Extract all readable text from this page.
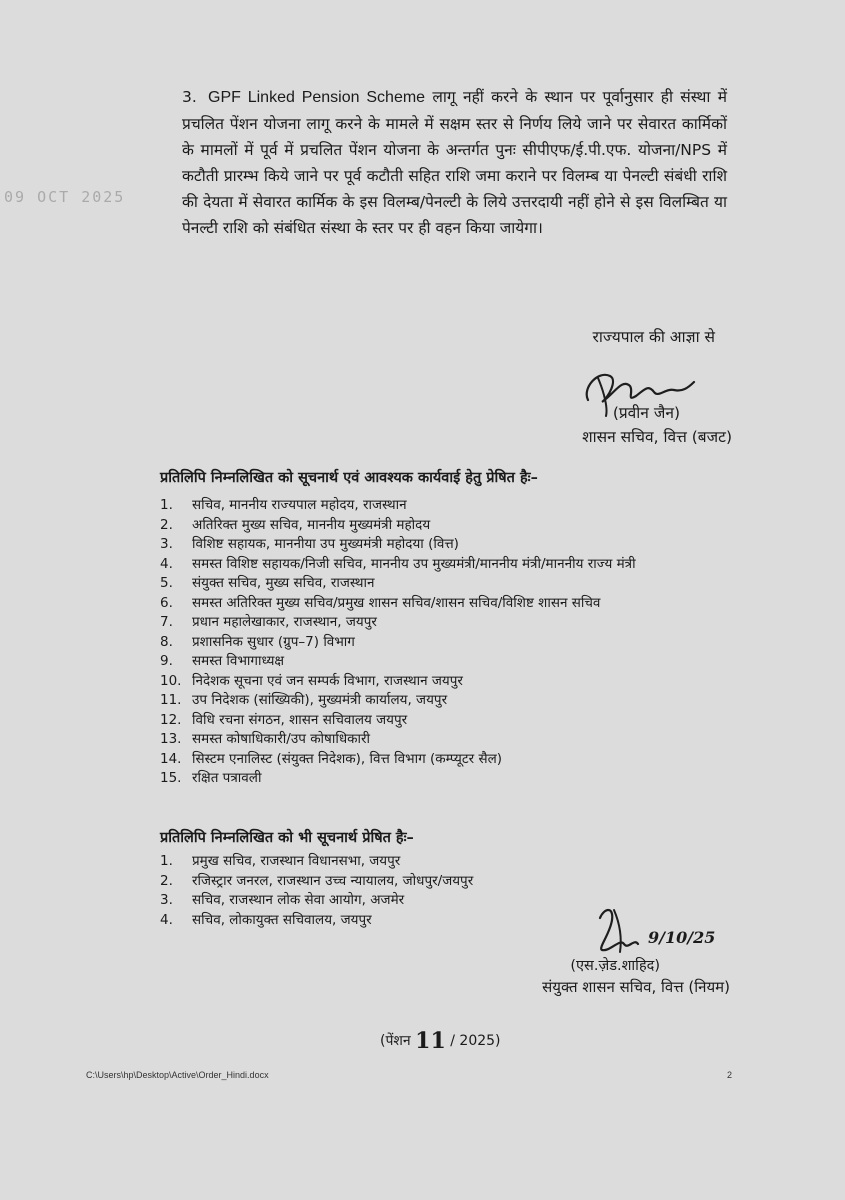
09 OCT 2025
3. GPF Linked Pension Scheme लागू नहीं करने के स्थान पर पूर्वानुसार ही संस्था में प्रचलित पेंशन योजना लागू करने के मामले में सक्षम स्तर से निर्णय लिये जाने पर सेवारत कार्मिकों के मामलों में पूर्व में प्रचलित पेंशन योजना के अन्तर्गत पुनः सीपीएफ/ई.पी.एफ. योजना/NPS में कटौती प्रारम्भ किये जाने पर पूर्व कटौती सहित राशि जमा कराने पर विलम्ब या पेनल्टी संबंधी राशि की देयता में सेवारत कार्मिक के इस विलम्ब/पेनल्टी के लिये उत्तरदायी नहीं होने से इस विलम्बित या पेनल्टी राशि को संबंधित संस्था के स्तर पर ही वहन किया जायेगा।
राज्यपाल की आज्ञा से
(प्रवीन जैन)
शासन सचिव, वित्त (बजट)
प्रतिलिपि निम्नलिखित को सूचनार्थ एवं आवश्यक कार्यवाई हेतु प्रेषित हैः–
1.	सचिव, माननीय राज्यपाल महोदय, राजस्थान
2.	अतिरिक्त मुख्य सचिव, माननीय मुख्यमंत्री महोदय
3.	विशिष्ट सहायक, माननीया उप मुख्यमंत्री महोदया (वित्त)
4.	समस्त विशिष्ट सहायक/निजी सचिव, माननीय उप मुख्यमंत्री/माननीय मंत्री/माननीय राज्य मंत्री
5.	संयुक्त सचिव, मुख्य सचिव, राजस्थान
6.	समस्त अतिरिक्त मुख्य सचिव/प्रमुख शासन सचिव/शासन सचिव/विशिष्ट शासन सचिव
7.	प्रधान महालेखाकार, राजस्थान, जयपुर
8.	प्रशासनिक सुधार (ग्रुप–7) विभाग
9.	समस्त विभागाध्यक्ष
10. निदेशक सूचना एवं जन सम्पर्क विभाग, राजस्थान जयपुर
11. उप निदेशक (सांख्यिकी), मुख्यमंत्री कार्यालय, जयपुर
12. विधि रचना संगठन, शासन सचिवालय जयपुर
13. समस्त कोषाधिकारी/उप कोषाधिकारी
14. सिस्टम एनालिस्ट (संयुक्त निदेशक), वित्त विभाग (कम्प्यूटर सैल)
15. रक्षित पत्रावली
प्रतिलिपि निम्नलिखित को भी सूचनार्थ प्रेषित हैः–
1.	प्रमुख सचिव, राजस्थान विधानसभा, जयपुर
2.	रजिस्ट्रार जनरल, राजस्थान उच्च न्यायालय, जोधपुर/जयपुर
3.	सचिव, राजस्थान लोक सेवा आयोग, अजमेर
4.	सचिव, लोकायुक्त सचिवालय, जयपुर
9/10/25
(एस.ज़ेड.शाहिद)
संयुक्त शासन सचिव, वित्त (नियम)
(पेंशन 11 / 2025)
C:\Users\hp\Desktop\Active\Order_Hindi.docx	2
